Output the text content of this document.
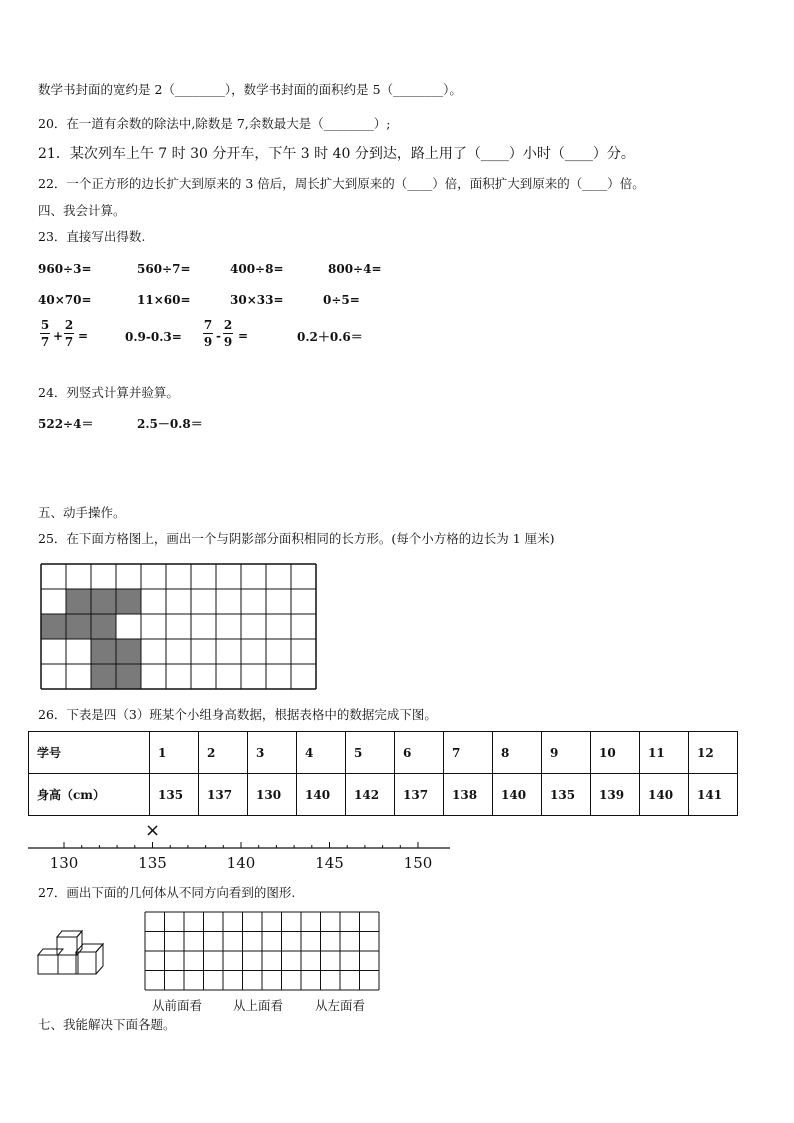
数学书封面的宽约是 2（________），数学书封面的面积约是 5（________）。
20．在一道有余数的除法中,除数是 7,余数最大是（________）;
21．某次列车上午 7 时 30 分开车，下午 3 时 40 分到达，路上用了（____）小时（____）分。
22．一个正方形的边长扩大到原来的 3 倍后，周长扩大到原来的（____）倍，面积扩大到原来的（____）倍。
四、我会计算。
23．直接写出得数.
960÷3=	560÷7=	400÷8=	800÷4=
40×70=	11×60=	30×33=	0÷5=
5
7 +
2
7 =	0.9-0.3=
7
9 -
2
9 =	0.2＋0.6＝
24．列竖式计算并验算。
522÷4＝	2.5－0.8＝
五、动手操作。
25．在下面方格图上，画出一个与阴影部分面积相同的长方形。(每个小方格的边长为 1 厘米)
26．下表是四（3）班某个小组身高数据，根据表格中的数据完成下图。
学号	1	2	3	4	5	6	7	8	9	10	11	12
身高（cm）	135	137	130	140	142	137	138	140	135	139	140	141
130	135	140	145	150
×
27．画出下面的几何体从不同方向看到的图形.
从前面看 从上面看	从左面看
七、我能解决下面各题。
